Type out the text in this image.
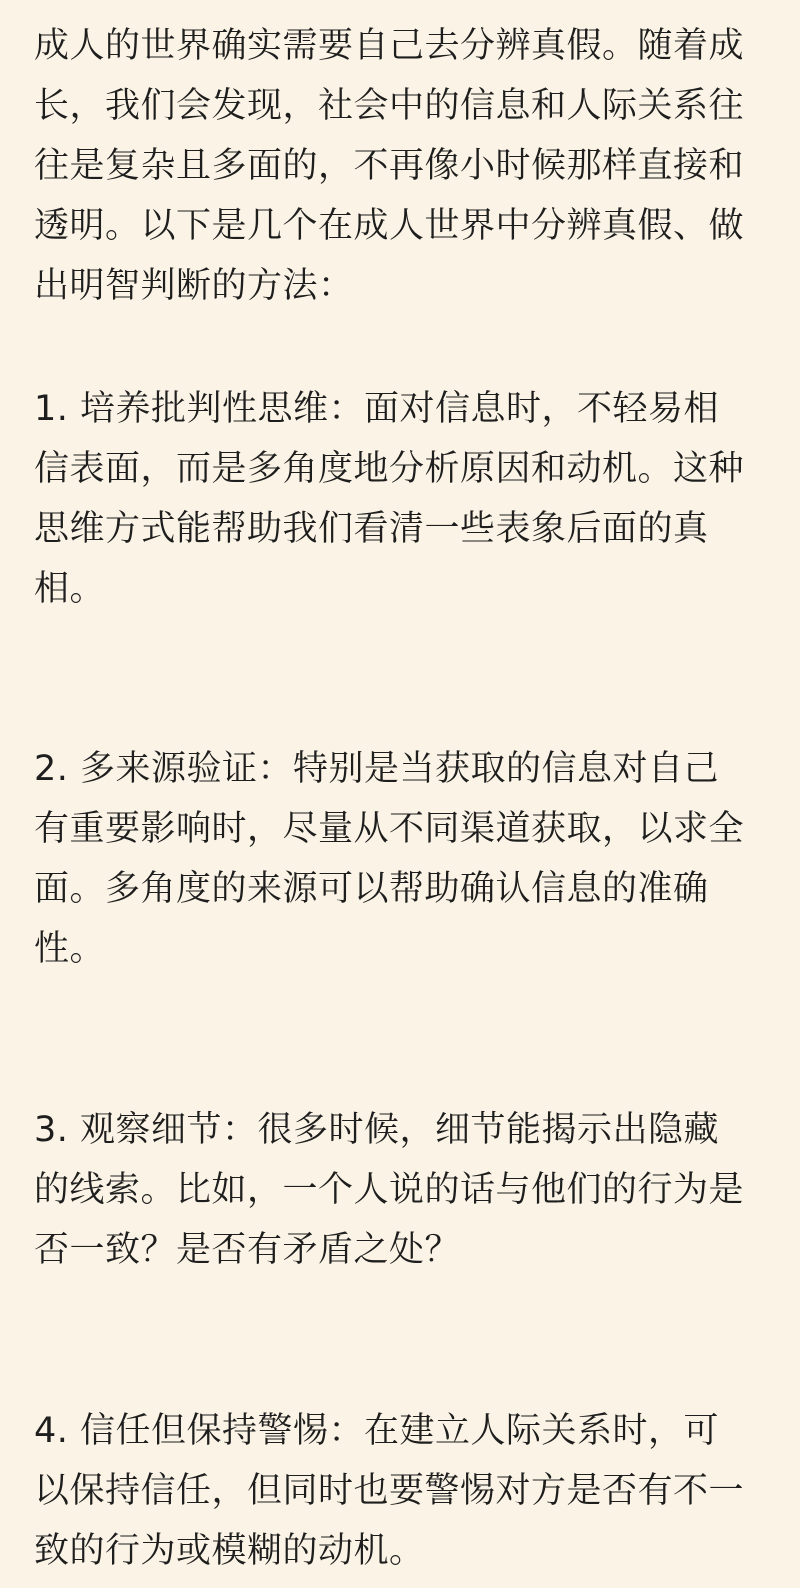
成人的世界确实需要自己去分辨真假。随着成
长，我们会发现，社会中的信息和人际关系往
往是复杂且多面的，不再像小时候那样直接和
透明。以下是几个在成人世界中分辨真假、做
出明智判断的方法：

1. 培养批判性思维：面对信息时，不轻易相
信表面，而是多角度地分析原因和动机。这种
思维方式能帮助我们看清一些表象后面的真
相。

2. 多来源验证：特别是当获取的信息对自己
有重要影响时，尽量从不同渠道获取，以求全
面。多角度的来源可以帮助确认信息的准确
性。

3. 观察细节：很多时候，细节能揭示出隐藏
的线索。比如，一个人说的话与他们的行为是
否一致？是否有矛盾之处？

4. 信任但保持警惕：在建立人际关系时，可
以保持信任，但同时也要警惕对方是否有不一
致的行为或模糊的动机。
